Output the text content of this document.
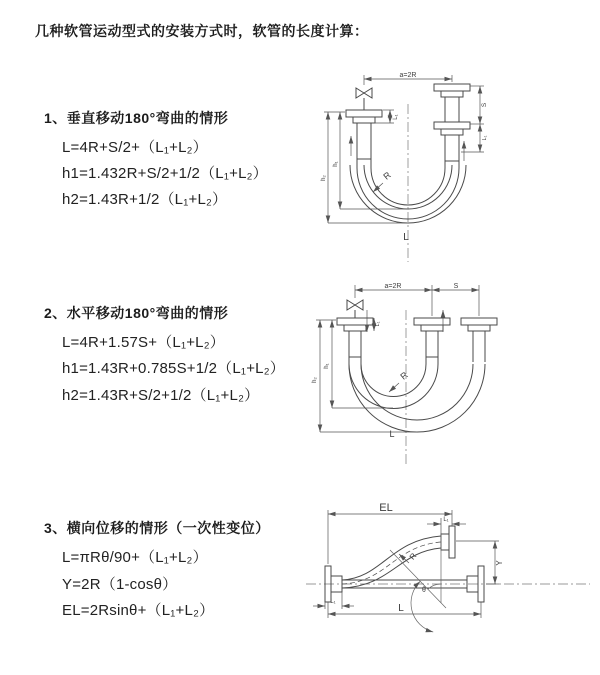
几种软管运动型式的安装方式时，软管的长度计算：
1、垂直移动180°弯曲的情形
L=4R+S/2+（L₁+L₂）
h1=1.432R+S/2+1/2（L₁+L₂）
h2=1.43R+1/2（L₁+L₂）
2、水平移动180°弯曲的情形
L=4R+1.57S+（L₁+L₂）
h1=1.43R+0.785S+1/2（L₁+L₂）
h2=1.43R+S/2+1/2（L₁+L₂）
3、横向位移的情形（一次性变位）
L=πRθ/90+（L₁+L₂）
Y=2R（1-cosθ）
EL=2Rsinθ+（L₁+L₂）
a=2R
L₁
h₁
h₂
S
L₁
R
L
a=2R	S
L₁
h₁
h₂	R
L
EL
L₁
Y
R
θ
L
L₁
